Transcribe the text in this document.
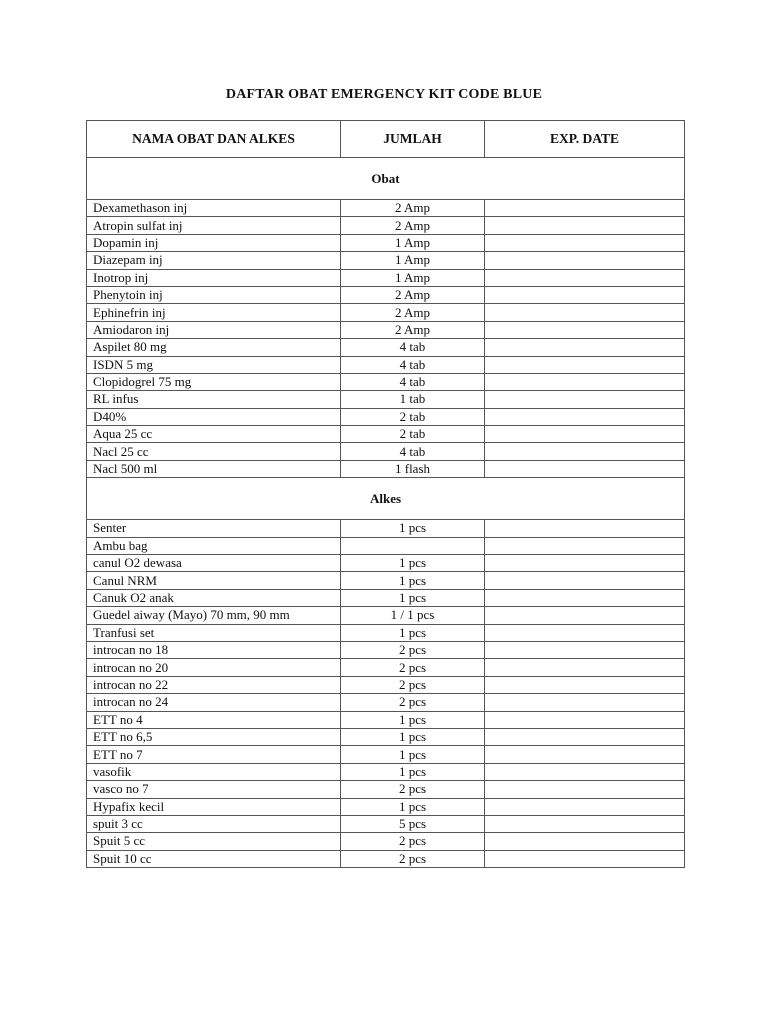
DAFTAR OBAT EMERGENCY KIT CODE BLUE
NAMA OBAT DAN ALKES	JUMLAH	EXP. DATE
Obat		
Dexamethason inj	2 Amp	
Atropin sulfat inj	2 Amp	
Dopamin inj	1 Amp	
Diazepam inj	1 Amp	
Inotrop inj	1 Amp	
Phenytoin inj	2 Amp	
Ephinefrin inj	2 Amp	
Amiodaron inj	2 Amp	
Aspilet 80 mg	4 tab	
ISDN 5 mg	4 tab	
Clopidogrel 75 mg	4 tab	
RL infus	1 tab	
D40%	2 tab	
Aqua 25 cc	2 tab	
Nacl 25 cc	4 tab	
Nacl 500 ml	1 flash	
Alkes		
Senter	1 pcs	
Ambu bag		
canul O2 dewasa	1 pcs	
Canul NRM	1 pcs	
Canuk O2 anak	1 pcs	
Guedel aiway (Mayo) 70 mm, 90 mm	1 / 1 pcs	
Tranfusi set	1 pcs	
introcan no 18	2 pcs	
introcan no 20	2 pcs	
introcan no 22	2 pcs	
introcan no 24	2 pcs	
ETT no 4	1 pcs	
ETT no 6,5	1 pcs	
ETT no 7	1 pcs	
vasofik	1 pcs	
vasco no 7	2 pcs	
Hypafix kecil	1 pcs	
spuit 3 cc	5 pcs	
Spuit 5 cc	2 pcs	
Spuit 10 cc	2 pcs	
